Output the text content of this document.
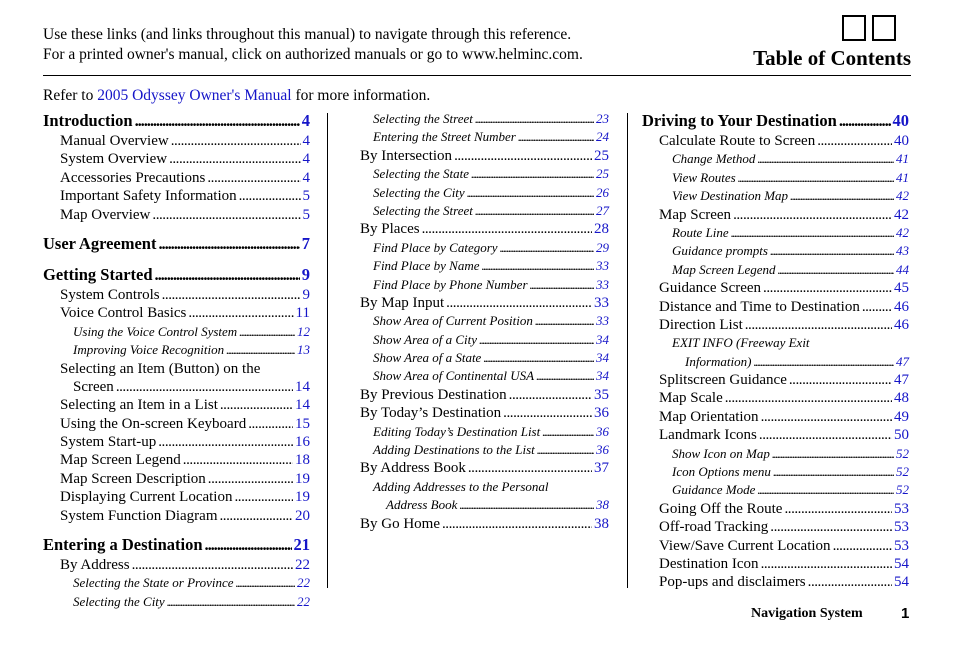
Use these links (and links throughout this manual) to navigate through this reference.
For a printed owner's manual, click on authorized manuals or go to www.helminc.com.	Table of Contents
Refer to 2005 Odyssey Owner's Manual for more information.
Introduction . . .	4
Manual Overview . . .	4
System Overview . . .	4
Accessories Precautions . . .	4
Important Safety Information . . .	5
Map Overview . . .	5
User Agreement . . .	7
Getting Started . . .	9
System Controls . . .	9
Voice Control Basics . . .	11
Using the Voice Control System . . .	12
Improving Voice Recognition . . .	13
Selecting an Item (Button) on the
Screen . . .	14
Selecting an Item in a List . . .	14
Using the On-screen Keyboard . . .	15
System Start-up . . .	16
Map Screen Legend . . .	18
Map Screen Description . . .	19
Displaying Current Location . . .	19
System Function Diagram . . .	20
Entering a Destination . . .	21
By Address . . .	22
Selecting the State or Province . . .	22
Selecting the City . . .	22
Selecting the Street . . .	23
Entering the Street Number . . .	24
By Intersection . . .	25
Selecting the State . . .	25
Selecting the City . . .	26
Selecting the Street . . .	27
By Places . . .	28
Find Place by Category . . .	29
Find Place by Name . . .	33
Find Place by Phone Number . . .	33
By Map Input . . .	33
Show Area of Current Position . . .	33
Show Area of a City . . .	34
Show Area of a State . . .	34
Show Area of Continental USA . . .	34
By Previous Destination . . .	35
By Today’s Destination . . .	36
Editing Today’s Destination List . . .	36
Adding Destinations to the List . . .	36
By Address Book . . .	37
Adding Addresses to the Personal
Address Book . . .	38
By Go Home . . .	38
Driving to Your Destination . . .	40
Calculate Route to Screen . . .	40
Change Method . . .	41
View Routes . . .	41
View Destination Map . . .	42
Map Screen . . .	42
Route Line . . .	42
Guidance prompts . . .	43
Map Screen Legend . . .	44
Guidance Screen . . .	45
Distance and Time to Destination . . . 46
Direction List . . .	46
EXIT INFO (Freeway Exit
Information) . . .	47
Splitscreen Guidance . . .	47
Map Scale . . .	48
Map Orientation . . .	49
Landmark Icons . . .	50
Show Icon on Map . . .	52
Icon Options menu . . .	52
Guidance Mode . . .	52
Going Off the Route . . .	53
Off-road Tracking . . .	53
View/Save Current Location . . .	53
Destination Icon . . .	54
Pop-ups and disclaimers . . .	54
Navigation System	1
